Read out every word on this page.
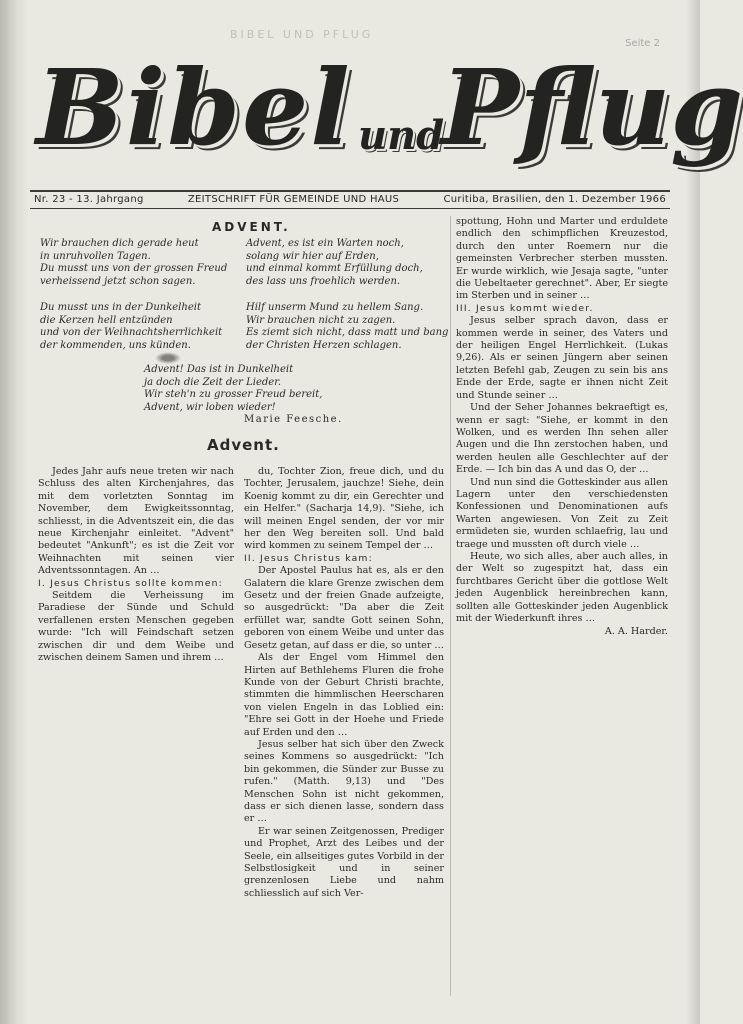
BIBEL UND PFLUG
Seite 2
Bibel und
Pflug
Nr. 23 - 13. Jahrgang	ZEITSCHRIFT FÜR GEMEINDE UND HAUS	Curitiba, Brasilien, den 1. Dezember 1966
ADVENT.
Wir brauchen dich gerade heut
in unruhvollen Tagen.
Du musst uns von der grossen Freud
verheissend jetzt schon sagen.
Du musst uns in der Dunkelheit
die Kerzen hell entzünden
und von der Weihnachtsherrlichkeit
der kommenden, uns künden.
Advent, es ist ein Warten noch,
solang wir hier auf Erden,
und einmal kommt Erfüllung doch,
des lass uns froehlich werden.
Hilf unserm Mund zu hellem Sang.
Wir brauchen nicht zu zagen.
Es ziemt sich nicht, dass matt und bang
der Christen Herzen schlagen.
Advent! Das ist in Dunkelheit
ja doch die Zeit der Lieder.
Wir steh'n zu grosser Freud bereit,
Advent, wir loben wieder!
Marie Feesche.
Advent.

Jedes Jahr aufs neue treten wir nach Schluss des alten Kirchenjahres, das mit dem vorletzten Sonntag im November, dem Ewigkeitssonntag, schliesst, in die Adventszeit ein, die das neue Kirchenjahr einleitet. "Advent" bedeutet "Ankunft"; es ist die Zeit vor Weihnachten mit seinen vier Adventssonntagen. An …

I. Jesus Christus sollte kommen:

Seitdem die Verheissung im Paradiese der Sünde und Schuld verfallenen ersten Menschen gegeben wurde: "Ich will Feindschaft setzen zwischen dir und dem Weibe und zwischen deinem Samen und ihrem …

du, Tochter Zion, freue dich, und du Tochter, Jerusalem, jauchze! Siehe, dein Koenig kommt zu dir, ein Gerechter und ein Helfer." (Sacharja 14,9). "Siehe, ich will meinen Engel senden, der vor mir her den Weg bereiten soll. Und bald wird kommen zu seinem Tempel der …

II. Jesus Christus kam:

Der Apostel Paulus hat es, als er den Galatern die klare Grenze zwischen dem Gesetz und der freien Gnade aufzeigte, so ausgedrückt: "Da aber die Zeit erfüllet war, sandte Gott seinen Sohn, geboren von einem Weibe und unter das Gesetz getan, auf dass er die, so unter …

Als der Engel vom Himmel den Hirten auf Bethlehems Fluren die frohe Kunde von der Geburt Christi brachte, stimmten die himmlischen Heerscharen von vielen Engeln in das Loblied ein: "Ehre sei Gott in der Hoehe und Friede auf Erden und den …

Jesus selber hat sich über den Zweck seines Kommens so ausgedrückt: "Ich bin gekommen, die Sünder zur Busse zu rufen." (Matth. 9,13) und "Des Menschen Sohn ist nicht gekommen, dass er sich dienen lasse, sondern dass er …

Er war seinen Zeitgenossen, Prediger und Prophet, Arzt des Leibes und der Seele, ein allseitiges gutes Vorbild in der Selbstlosigkeit und in seiner grenzenlosen Liebe und nahm schliesslich auf sich Ver-

spottung, Hohn und Marter und erduldete endlich den schimpflichen Kreuzestod, durch den unter Roemern nur die gemeinsten Verbrecher sterben mussten. Er wurde wirklich, wie Jesaja sagte, "unter die Uebeltaeter gerechnet". Aber, Er siegte im Sterben und in seiner …

III. Jesus kommt wieder.

Jesus selber sprach davon, dass er kommen werde in seiner, des Vaters und der heiligen Engel Herrlichkeit. (Lukas 9,26). Als er seinen Jüngern aber seinen letzten Befehl gab, Zeugen zu sein bis ans Ende der Erde, sagte er ihnen nicht Zeit und Stunde seiner …

Und der Seher Johannes bekraeftigt es, wenn er sagt: "Siehe, er kommt in den Wolken, und es werden Ihn sehen aller Augen und die Ihn zerstochen haben, und werden heulen alle Geschlechter auf der Erde. — Ich bin das A und das O, der …

Und nun sind die Gotteskinder aus allen Lagern unter den verschiedensten Konfessionen und Denominationen aufs Warten angewiesen. Von Zeit zu Zeit ermüdeten sie, wurden schlaefrig, lau und traege und mussten oft durch viele …

Heute, wo sich alles, aber auch alles, in der Welt so zugespitzt hat, dass ein furchtbares Gericht über die gottlose Welt jeden Augenblick hereinbrechen kann, sollten alle Gotteskinder jeden Augenblick mit der Wiederkunft ihres …

A. A. Harder.
